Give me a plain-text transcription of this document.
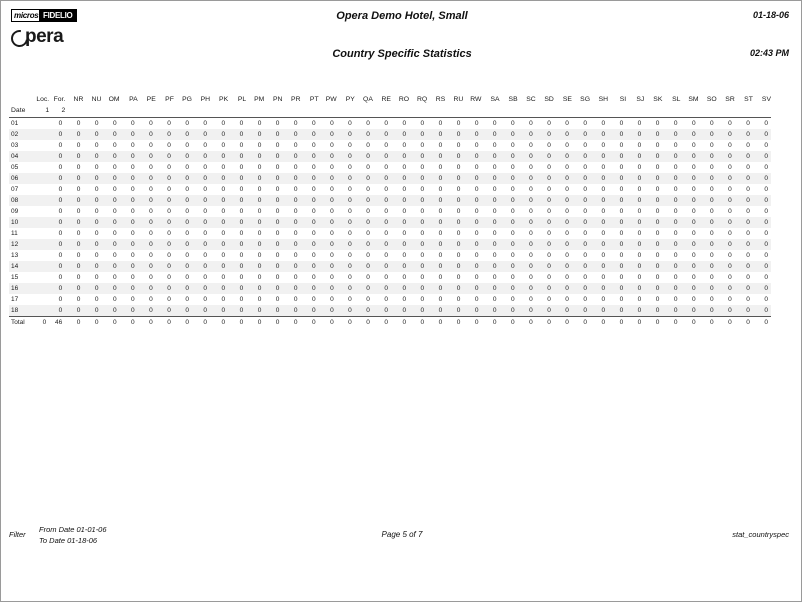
micros FIDELIO
pera
Opera Demo Hotel, Small
Country Specific Statistics
01-18-06
02:43 PM
	Loc.	For.	NR	NU	OM	PA	PE	PF	PG	PH	PK	PL	PM	PN	PR	PT	PW	PY	QA	RE	RO	RQ	RS	RU	RW	SA	SB	SC	SD	SE	SG	SH	SI	SJ	SK	SL	SM	SO	SR	ST	SV
Date	1	2																																							

01		0	0	0	0	0	0	0	0	0	0	0	0	0	0	0	0	0	0	0	0	0	0	0	0	0	0	0	0	0	0	0	0	0	0	0	0	0	0	0	0
02		0	0	0	0	0	0	0	0	0	0	0	0	0	0	0	0	0	0	0	0	0	0	0	0	0	0	0	0	0	0	0	0	0	0	0	0	0	0	0	0
03		0	0	0	0	0	0	0	0	0	0	0	0	0	0	0	0	0	0	0	0	0	0	0	0	0	0	0	0	0	0	0	0	0	0	0	0	0	0	0	0
04		0	0	0	0	0	0	0	0	0	0	0	0	0	0	0	0	0	0	0	0	0	0	0	0	0	0	0	0	0	0	0	0	0	0	0	0	0	0	0	0
05		0	0	0	0	0	0	0	0	0	0	0	0	0	0	0	0	0	0	0	0	0	0	0	0	0	0	0	0	0	0	0	0	0	0	0	0	0	0	0	0
06		0	0	0	0	0	0	0	0	0	0	0	0	0	0	0	0	0	0	0	0	0	0	0	0	0	0	0	0	0	0	0	0	0	0	0	0	0	0	0	0
07		0	0	0	0	0	0	0	0	0	0	0	0	0	0	0	0	0	0	0	0	0	0	0	0	0	0	0	0	0	0	0	0	0	0	0	0	0	0	0	0
08		0	0	0	0	0	0	0	0	0	0	0	0	0	0	0	0	0	0	0	0	0	0	0	0	0	0	0	0	0	0	0	0	0	0	0	0	0	0	0	0
09		0	0	0	0	0	0	0	0	0	0	0	0	0	0	0	0	0	0	0	0	0	0	0	0	0	0	0	0	0	0	0	0	0	0	0	0	0	0	0	0
10		0	0	0	0	0	0	0	0	0	0	0	0	0	0	0	0	0	0	0	0	0	0	0	0	0	0	0	0	0	0	0	0	0	0	0	0	0	0	0	0
11		0	0	0	0	0	0	0	0	0	0	0	0	0	0	0	0	0	0	0	0	0	0	0	0	0	0	0	0	0	0	0	0	0	0	0	0	0	0	0	0
12		0	0	0	0	0	0	0	0	0	0	0	0	0	0	0	0	0	0	0	0	0	0	0	0	0	0	0	0	0	0	0	0	0	0	0	0	0	0	0	0
13		0	0	0	0	0	0	0	0	0	0	0	0	0	0	0	0	0	0	0	0	0	0	0	0	0	0	0	0	0	0	0	0	0	0	0	0	0	0	0	0
14		0	0	0	0	0	0	0	0	0	0	0	0	0	0	0	0	0	0	0	0	0	0	0	0	0	0	0	0	0	0	0	0	0	0	0	0	0	0	0	0
15		0	0	0	0	0	0	0	0	0	0	0	0	0	0	0	0	0	0	0	0	0	0	0	0	0	0	0	0	0	0	0	0	0	0	0	0	0	0	0	0
16		0	0	0	0	0	0	0	0	0	0	0	0	0	0	0	0	0	0	0	0	0	0	0	0	0	0	0	0	0	0	0	0	0	0	0	0	0	0	0	0
17		0	0	0	0	0	0	0	0	0	0	0	0	0	0	0	0	0	0	0	0	0	0	0	0	0	0	0	0	0	0	0	0	0	0	0	0	0	0	0	0
18		0	0	0	0	0	0	0	0	0	0	0	0	0	0	0	0	0	0	0	0	0	0	0	0	0	0	0	0	0	0	0	0	0	0	0	0	0	0	0	0
Total	0	46	0	0	0	0	0	0	0	0	0	0	0	0	0	0	0	0	0	0	0	0	0	0	0	0	0	0	0	0	0	0	0	0	0	0	0	0	0	0	0
Filter
From Date 01-01-06
To Date 01-18-06
Page 5 of 7	stat_countryspec
